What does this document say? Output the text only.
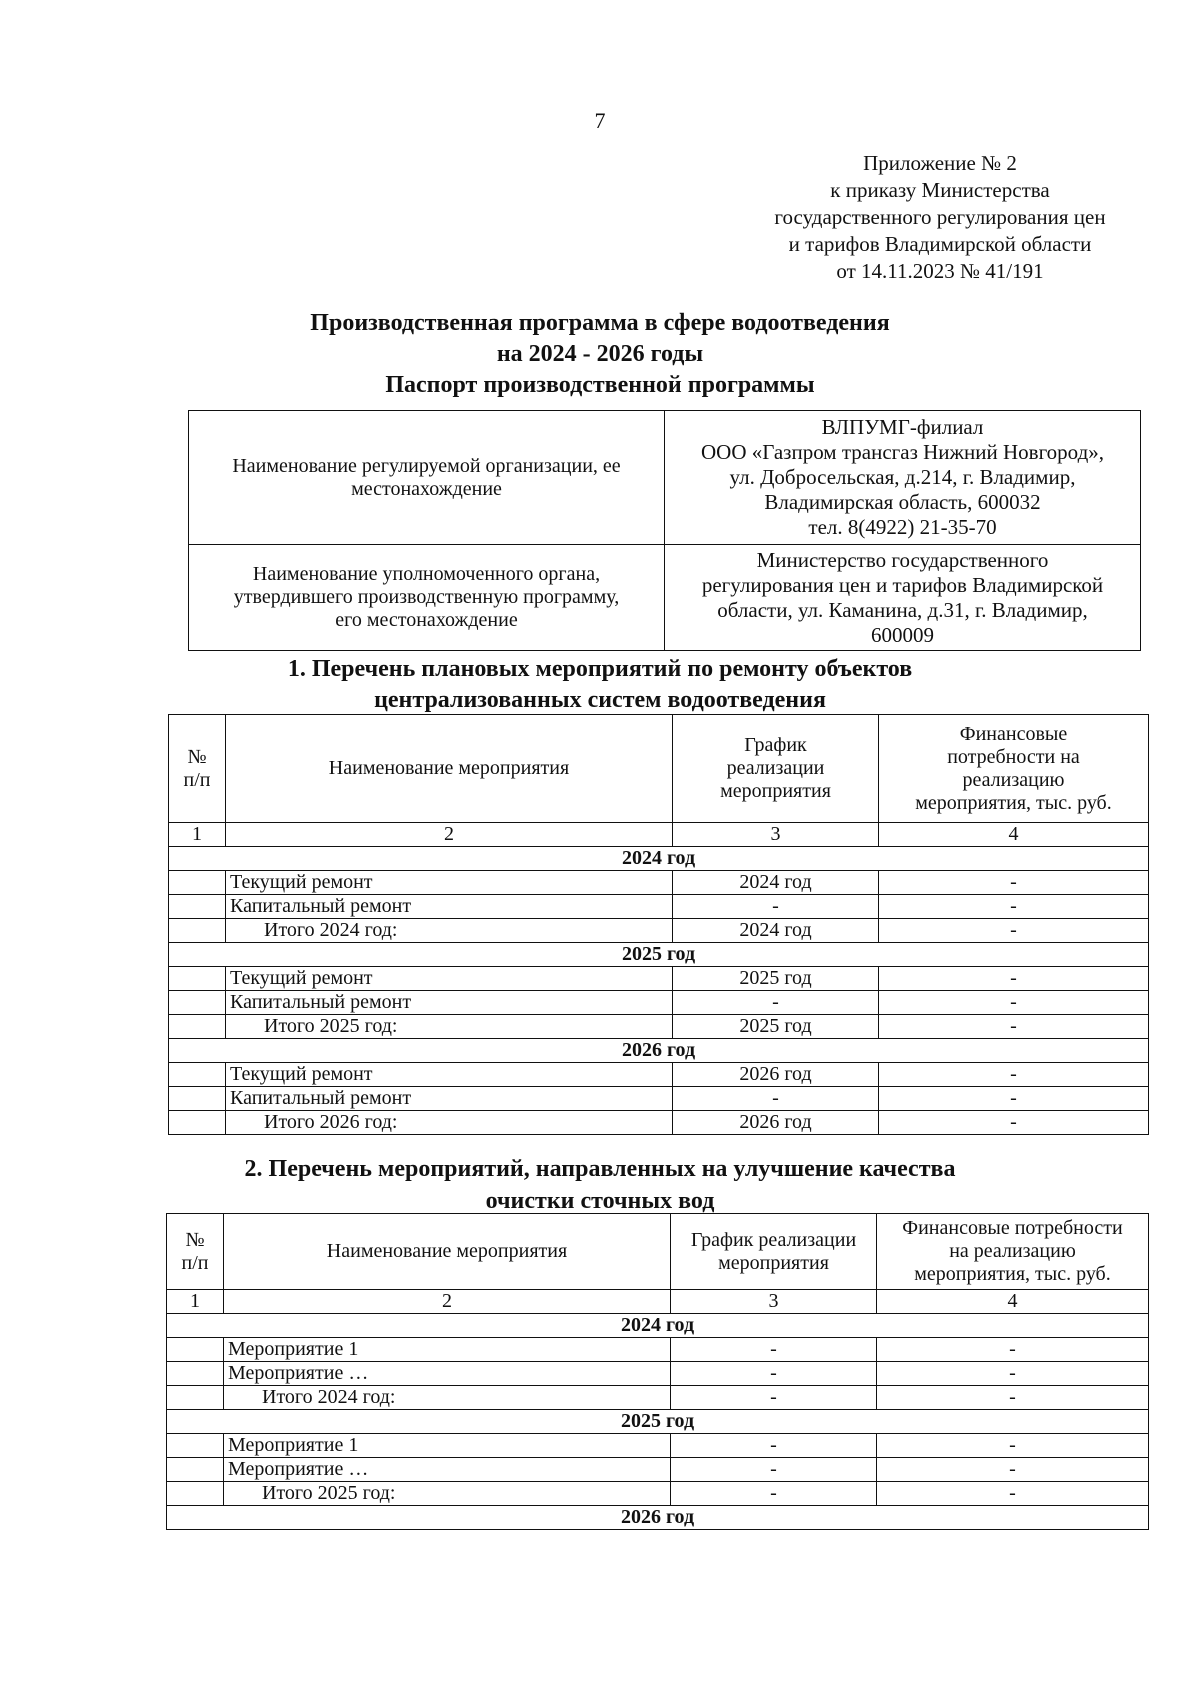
7
Приложение № 2
к приказу Министерства
государственного регулирования цен
и тарифов Владимирской области
от 14.11.2023 № 41/191
Производственная программа в сфере водоотведения
на 2024 - 2026 годы
Паспорт производственной программы
Наименование регулируемой организации, ее
местонахождение	ВЛПУМГ-филиал
ООО «Газпром трансгаз Нижний Новгород»,
ул. Добросельская, д.214, г. Владимир,
Владимирская область, 600032
тел. 8(4922) 21-35-70
Наименование уполномоченного органа,
утвердившего производственную программу,
его местонахождение	Министерство государственного
регулирования цен и тарифов Владимирской
области, ул. Каманина, д.31, г. Владимир,
600009
1. Перечень плановых мероприятий по ремонту объектов
централизованных систем водоотведения
№
п/п	Наименование мероприятия	График
реализации
мероприятия	Финансовые
потребности на
реализацию
мероприятия, тыс. руб.
1	2	3	4
2024 год			
	Текущий ремонт	2024 год	-
	Капитальный ремонт	-	-
	Итого 2024 год:	2024 год	-
2025 год			
	Текущий ремонт	2025 год	-
	Капитальный ремонт	-	-
	Итого 2025 год:	2025 год	-
2026 год			
	Текущий ремонт	2026 год	-
	Капитальный ремонт	-	-
	Итого 2026 год:	2026 год	-
2. Перечень мероприятий, направленных на улучшение качества
очистки сточных вод
№
п/п	Наименование мероприятия	График реализации
мероприятия	Финансовые потребности
на реализацию
мероприятия, тыс. руб.
1	2	3	4
2024 год			
	Мероприятие 1	-	-
	Мероприятие …	-	-
	Итого 2024 год:	-	-
2025 год			
	Мероприятие 1	-	-
	Мероприятие …	-	-
	Итого 2025 год:	-	-
2026 год			
